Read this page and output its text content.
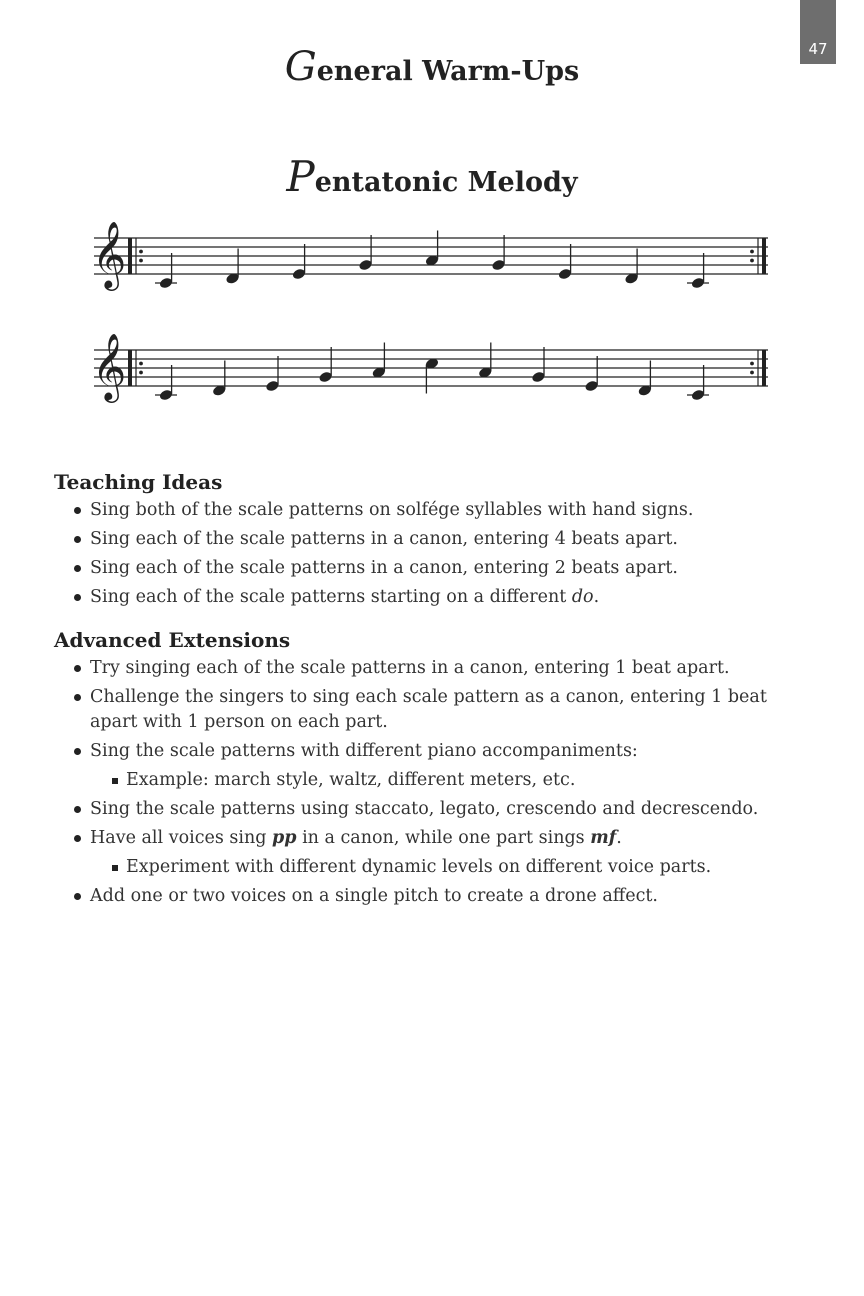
47
General Warm-Ups
Pentatonic Melody
𝄞
𝄞
Teaching Ideas
Sing both of the scale patterns on solfége syllables with hand signs.
Sing each of the scale patterns in a canon, entering 4 beats apart.
Sing each of the scale patterns in a canon, entering 2 beats apart.
Sing each of the scale patterns starting on a different do.
Advanced Extensions
Try singing each of the scale patterns in a canon, entering 1 beat apart.
Challenge the singers to sing each scale pattern as a canon, entering 1 beat apart with 1 person on each part.
Sing the scale patterns with different piano accompaniments:
Example: march style, waltz, different meters, etc.
Sing the scale patterns using staccato, legato, crescendo and decrescendo.
Have all voices sing pp in a canon, while one part sings mf.
Experiment with different dynamic levels on different voice parts.
Add one or two voices on a single pitch to create a drone affect.
